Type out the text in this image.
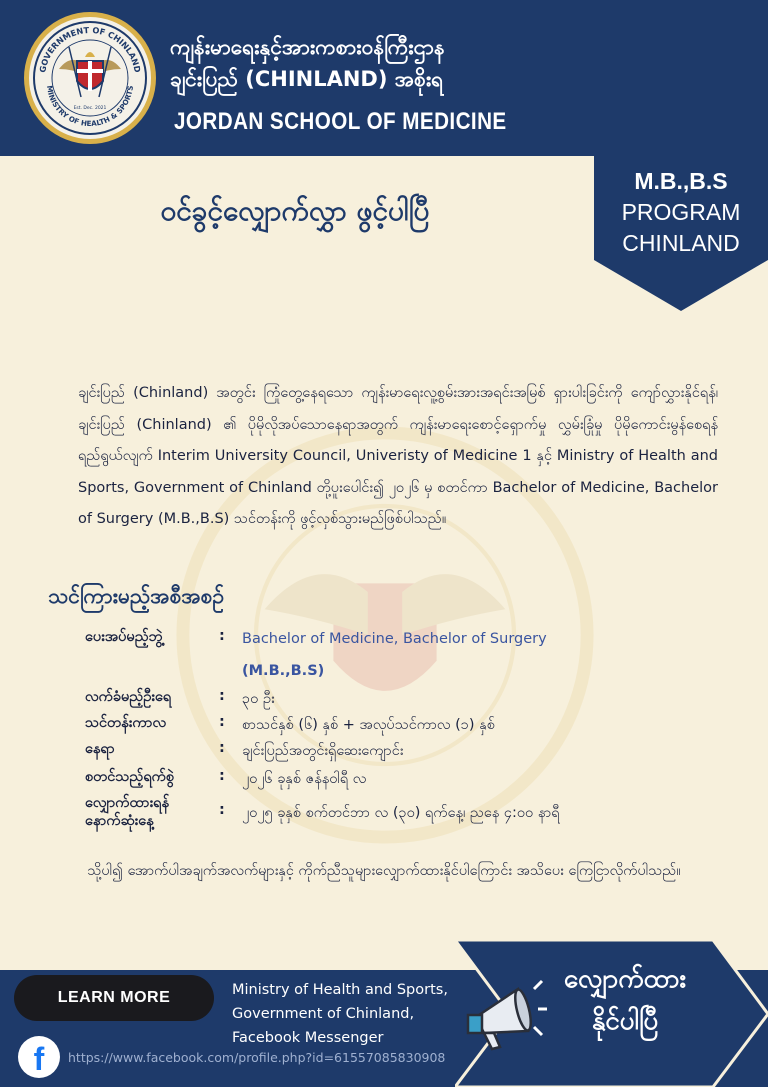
GOVERNMENT OF CHINLAND
MINISTRY OF HEALTH & SPORTS
Est. Dec. 2021
ကျန်းမာရေးနှင့်အားကစားဝန်ကြီးဌာန
ချင်းပြည် (CHINLAND) အစိုးရ
JORDAN SCHOOL OF MEDICINE
ဝင်ခွင့်လျှောက်လွှာ ဖွင့်ပါပြီ
M.B.,B.S
PROGRAM
CHINLAND
ချင်းပြည် (Chinland) အတွင်း ကြုံတွေ့နေရသော ကျန်းမာရေးလူ့စွမ်းအားအရင်းအမြစ် ရှားပါးခြင်းကို ကျော်လွှားနိုင်ရန်၊ ချင်းပြည် (Chinland) ၏ ပိုမိုလိုအပ်သောနေရာအတွက် ကျန်းမာရေးစောင့်ရှောက်မှု လွှမ်းခြုံမှု ပိုမိုကောင်းမွန်စေရန် ရည်ရွယ်လျက် Interim University Council, Univeristy of Medicine 1 နှင့် Ministry of Health and Sports, Government of Chinland တို့ပူးပေါင်း၍ ၂၀၂၆ မှ စတင်ကာ Bachelor of Medicine, Bachelor of Surgery (M.B.,B.S) သင်တန်းကို ဖွင့်လှစ်သွားမည်ဖြစ်ပါသည်။
သင်ကြားမည့်အစီအစဉ်
ပေးအပ်မည့်ဘွဲ့	: Bachelor of Medicine, Bachelor of Surgery
(M.B.,B.S)
လက်ခံမည့်ဦးရေ	: ၃၀ ဦး
သင်တန်းကာလ	: စာသင်နှစ် (၆) နှစ် + အလုပ်သင်ကာလ (၁) နှစ်
နေရာ	: ချင်းပြည်အတွင်းရှိဆေးကျောင်း
စတင်သည့်ရက်စွဲ	: ၂၀၂၆ ခုနှစ် ဇန်နဝါရီ လ
လျှောက်ထားရန် နောက်ဆုံးနေ့
: ၂၀၂၅ ခုနှစ် စက်တင်ဘာ လ (၃၀) ရက်နေ့၊ ညနေ ၄:၀၀ နာရီ
သို့ပါ၍ အောက်ပါအချက်အလက်များနှင့် ကိုက်ညီသူများလျှောက်ထားနိုင်ပါကြောင်း အသိပေး ကြေငြာလိုက်ပါသည်။
LEARN MORE	Ministry of Health and Sports,
Government of Chinland,
Facebook Messenger
f	https://www.facebook.com/profile.php?id=61557085830908
လျှောက်ထား
နိုင်ပါပြီ
